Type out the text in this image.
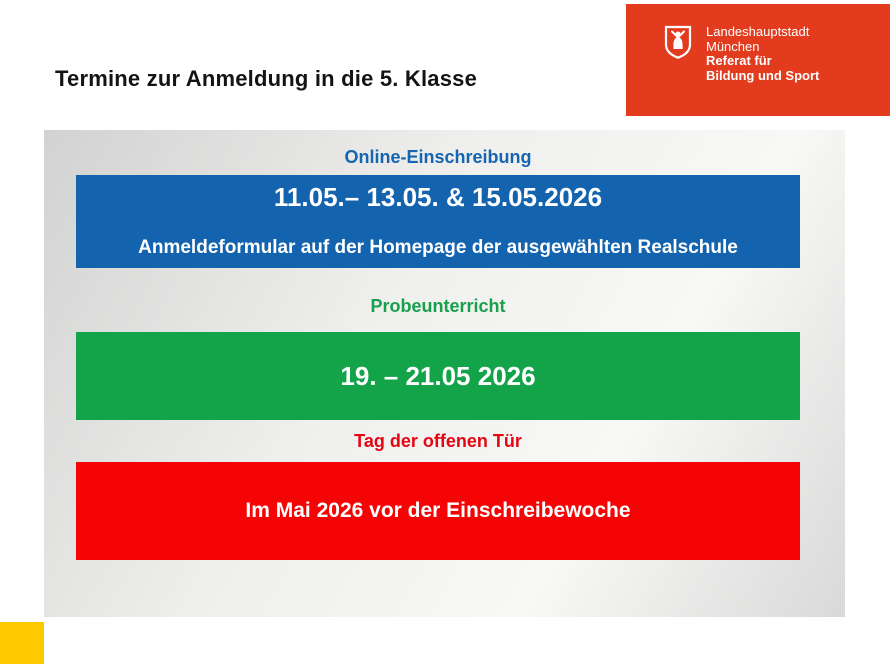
Termine zur Anmeldung in die 5. Klasse
Landeshauptstadt
München
Referat für
Bildung und Sport
Online-Einschreibung
11.05.– 13.05. & 15.05.2026
Anmeldeformular auf der Homepage der ausgewählten Realschule
Probeunterricht
19. – 21.05 2026
Tag der offenen Tür
Im Mai 2026 vor der Einschreibewoche
